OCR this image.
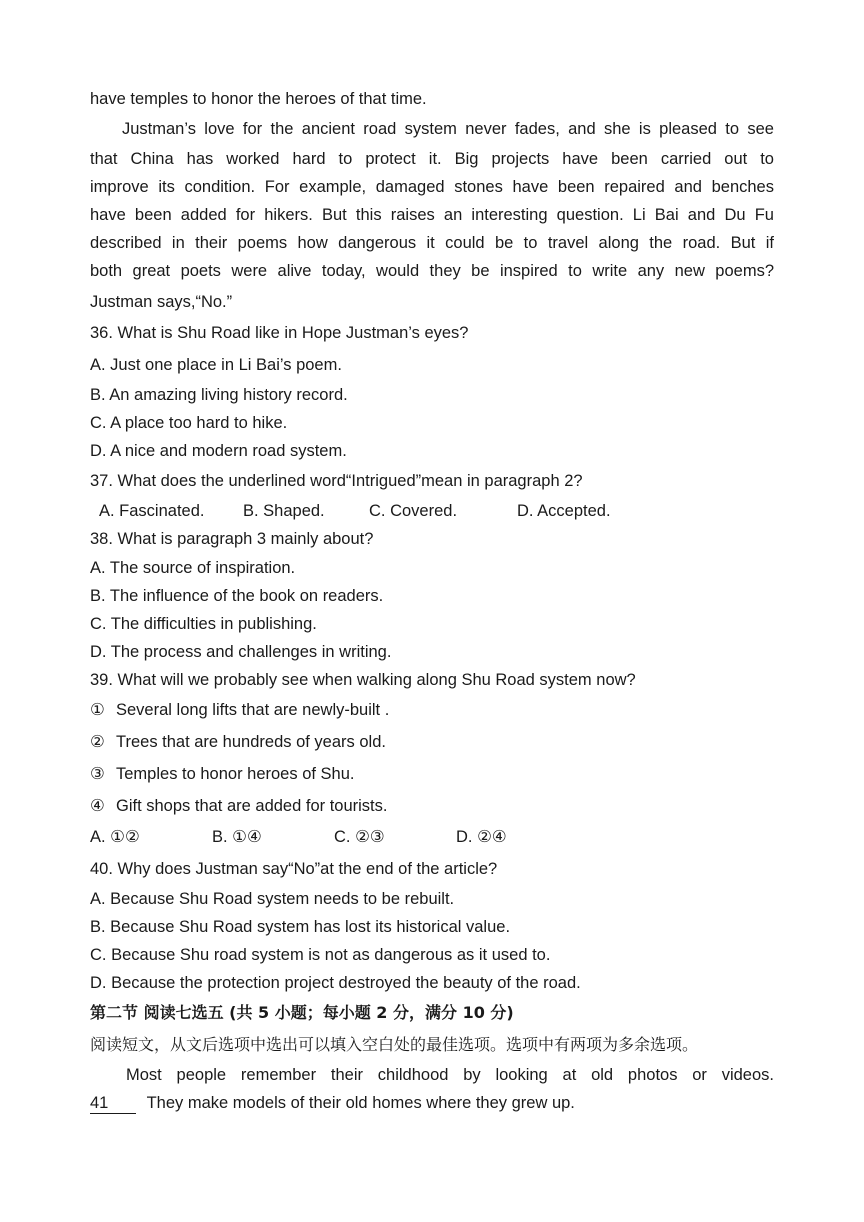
have temples to honor the heroes of that time.
Justman’s love for the ancient road system never fades, and she is pleased to see
that China has worked hard to protect it. Big projects have been carried out to
improve its condition. For example, damaged stones have been repaired and benches
have been added for hikers. But this raises an interesting question. Li Bai and Du Fu
described in their poems how dangerous it could be to travel along the road. But if
both great poets were alive today, would they be inspired to write any new poems?
Justman says,“No.”
36. What is Shu Road like in Hope Justman’s eyes?
A. Just one place in Li Bai’s poem.
B. An amazing living history record.
C. A place too hard to hike.
D. A nice and modern road system.
37. What does the underlined word“Intrigued”mean in paragraph 2?
A. Fascinated. B. Shaped.	C. Covered.	D. Accepted.
38. What is paragraph 3 mainly about?
A. The source of inspiration.
B. The influence of the book on readers.
C. The difficulties in publishing.
D. The process and challenges in writing.
39. What will we probably see when walking along Shu Road system now?
① Several long lifts that are newly-built .
② Trees that are hundreds of years old.
③ Temples to honor heroes of Shu.
④ Gift shops that are added for tourists.
A. ①②	B. ①④	C. ②③	D. ②④
40. Why does Justman say“No”at the end of the article?
A. Because Shu Road system needs to be rebuilt.
B. Because Shu Road system has lost its historical value.
C. Because Shu road system is not as dangerous as it used to.
D. Because the protection project destroyed the beauty of the road.
第二节 阅读七选五 (共 5 小题；每小题 2 分，满分 10 分)
阅读短文，从文后选项中选出可以填入空白处的最佳选项。选项中有两项为多余选项。
Most people remember their childhood by looking at old photos or videos.
41 They make models of their old homes where they grew up.
